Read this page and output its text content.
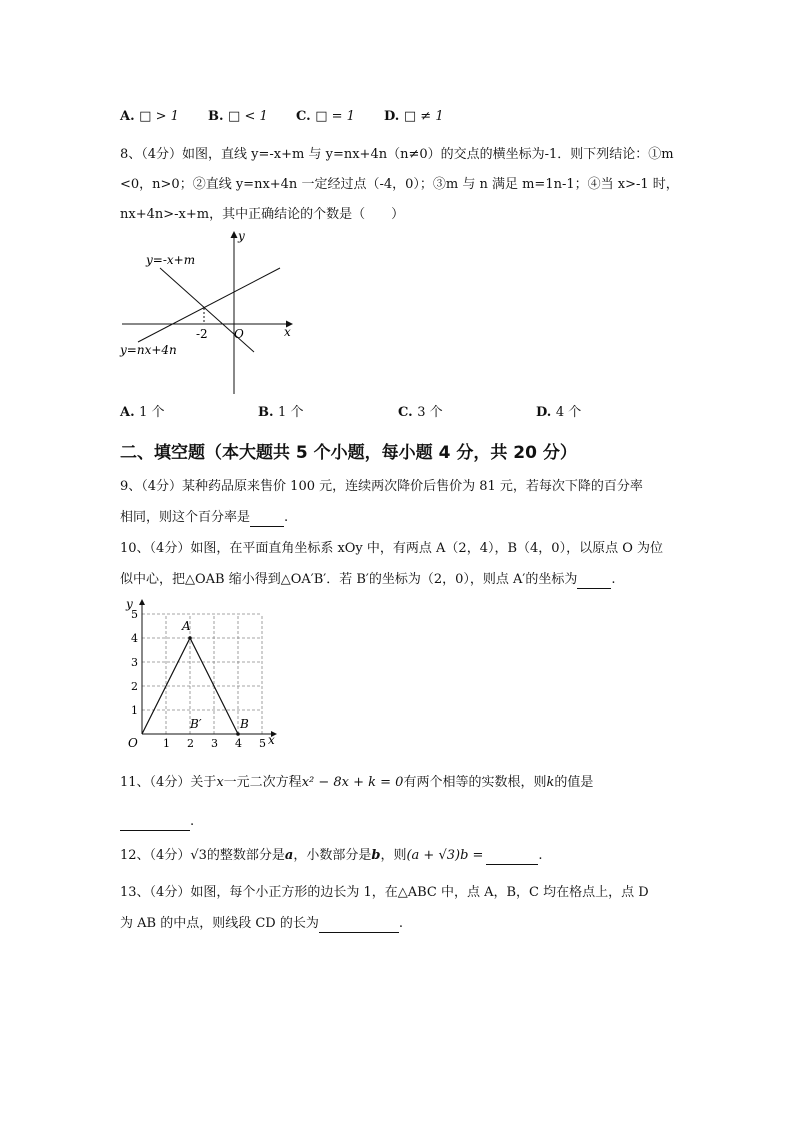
A. □ > 1 B. □ < 1 C. □ = 1 D. □ ≠ 1
8、（4分）如图，直线 y=-x+m 与 y=nx+4n（n≠0）的交点的横坐标为-1．则下列结论：①m
<0，n>0；②直线 y=nx+4n 一定经过点（-4，0）；③m 与 n 满足 m=1n-1；④当 x>-1 时，
nx+4n>-x+m，其中正确结论的个数是（　　）
y=-x+m
y=nx+4n
x
y
O
-2
A. 1 个	B. 1 个	C. 3 个	D. 4 个
二、填空题（本大题共 5 个小题，每小题 4 分，共 20 分）
9、（4分）某种药品原来售价 100 元，连续两次降价后售价为 81 元，若每次下降的百分率
相同，则这个百分率是	.
10、（4分）如图，在平面直角坐标系 xOy 中，有两点 A（2，4），B（4，0），以原点 O 为位
似中心，把△OAB 缩小得到△OA′B′．若 B′的坐标为（2，0），则点 A′的坐标为	.
1	3	5
2	4
1
2
3
4
5
A
B
B′
O	x
y
11、（4分）关于x一元二次方程x² − 8x + k = 0有两个相等的实数根，则k的值是
.
12、（4分）√3的整数部分是a，小数部分是b，则(a + √3)b =	.
13、（4分）如图，每个小正方形的边长为 1，在△ABC 中，点 A，B，C 均在格点上，点 D
为 AB 的中点，则线段 CD 的长为	.
